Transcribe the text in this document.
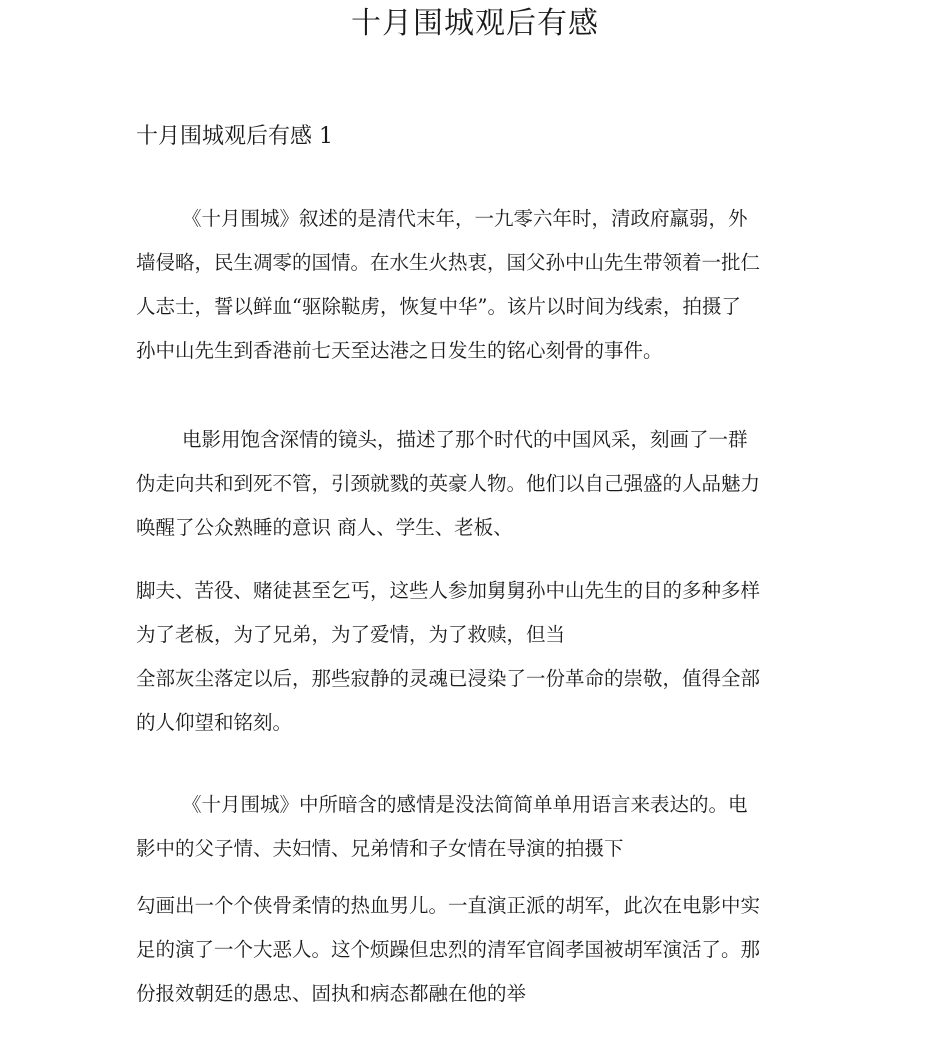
十月围城观后有感
十月围城观后有感 1
《十月围城》叙述的是清代末年，一九零六年时，清政府羸弱，外
墙侵略，民生凋零的国情。在水生火热衷，国父孙中山先生带领着一批仁
人志士，誓以鲜血“驱除鞑虏，恢复中华”。该片以时间为线索，拍摄了
孙中山先生到香港前七天至达港之日发生的铭心刻骨的事件。
电影用饱含深情的镜头，描述了那个时代的中国风采，刻画了一群
伪走向共和到死不管，引颈就戮的英豪人物。他们以自己强盛的人品魅力
唤醒了公众熟睡的意识 商人、学生、老板、
脚夫、苦役、赌徒甚至乞丐，这些人参加舅舅孙中山先生的目的多种多样
为了老板，为了兄弟，为了爱情，为了救赎，但当
全部灰尘落定以后，那些寂静的灵魂已浸染了一份革命的崇敬，值得全部
的人仰望和铭刻。
《十月围城》中所暗含的感情是没法简简单单用语言来表达的。电
影中的父子情、夫妇情、兄弟情和子女情在导演的拍摄下
勾画出一个个侠骨柔情的热血男儿。一直演正派的胡军，此次在电影中实
足的演了一个大恶人。这个烦躁但忠烈的清军官阎孝国被胡军演活了。那
份报效朝廷的愚忠、固执和病态都融在他的举
